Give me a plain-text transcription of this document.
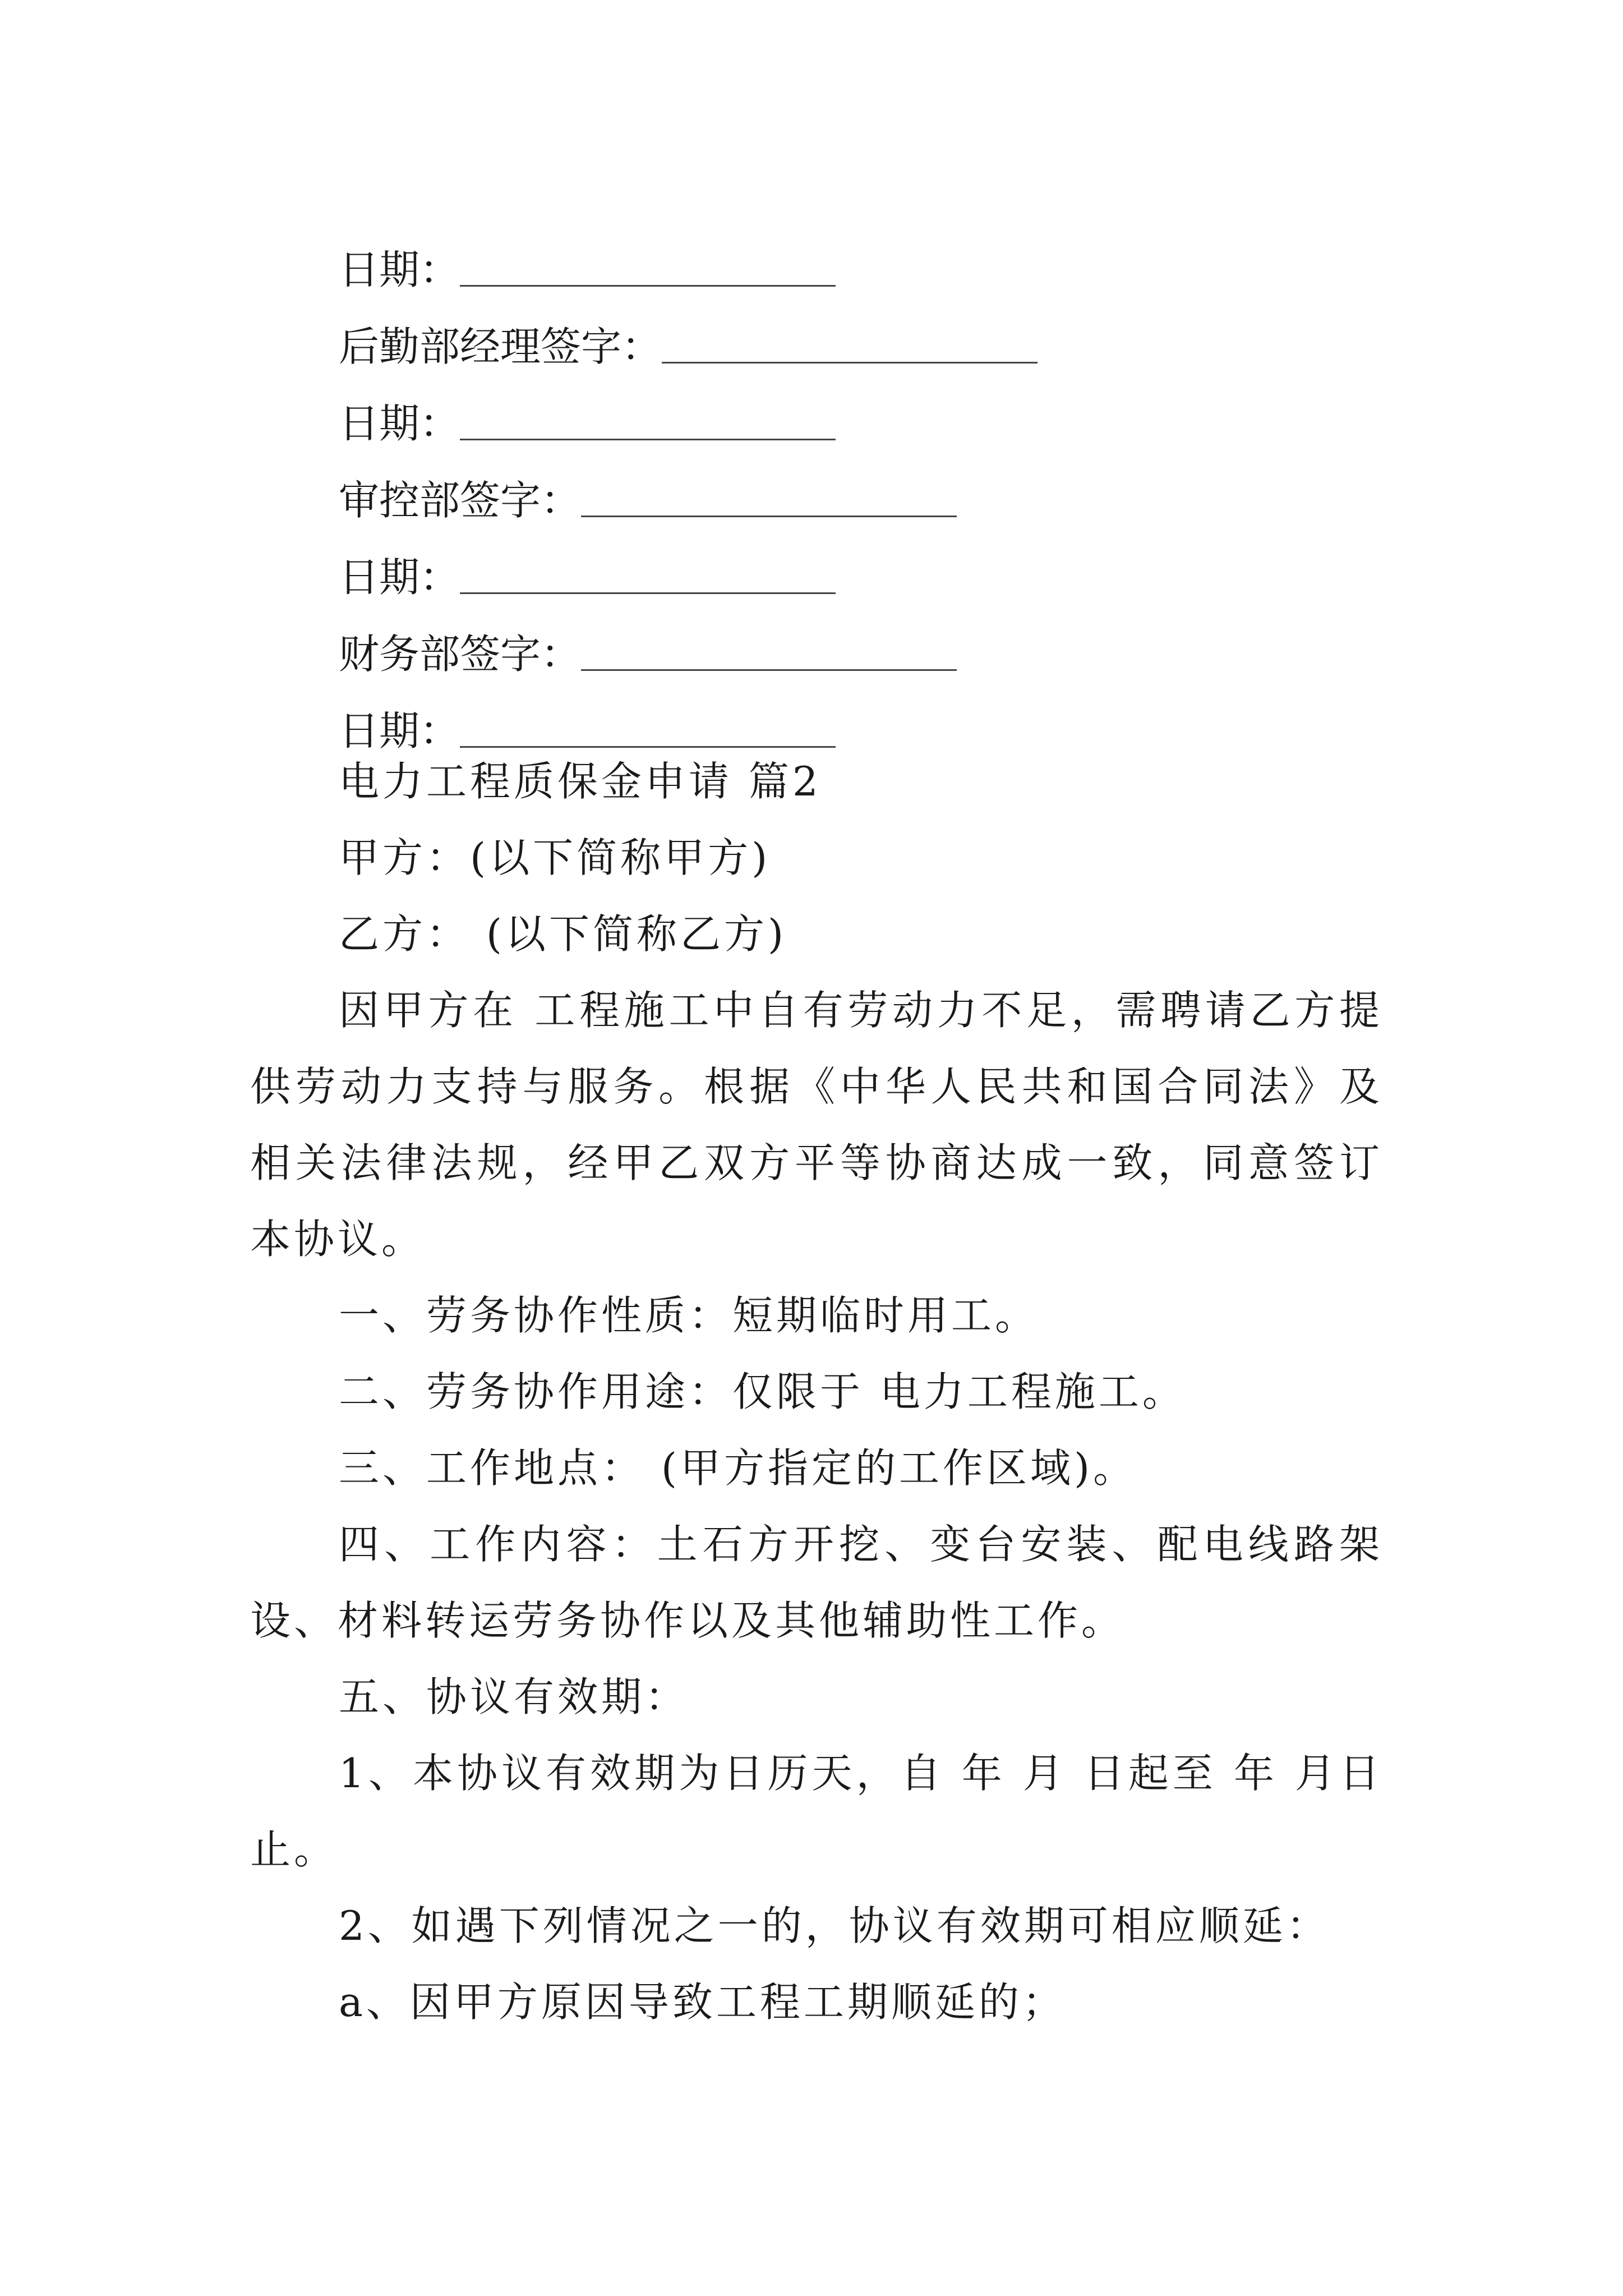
日期：
后勤部经理签字：
日期：
审控部签字：
日期：
财务部签字：
日期：

电力工程质保金申请 篇2

甲方：(以下简称甲方)

乙方： (以下简称乙方)

因甲方在 工程施工中自有劳动力不足，需聘请乙方提供劳动力支持与服务。根据《中华人民共和国合同法》及相关法律法规，经甲乙双方平等协商达成一致，同意签订本协议。

一、劳务协作性质：短期临时用工。

二、劳务协作用途：仅限于 电力工程施工。

三、工作地点： (甲方指定的工作区域)。

四、工作内容：土石方开挖、变台安装、配电线路架设、材料转运劳务协作以及其他辅助性工作。

五、协议有效期：

1、本协议有效期为日历天，自 年 月 日起至 年 月日止。

2、如遇下列情况之一的，协议有效期可相应顺延：

a、因甲方原因导致工程工期顺延的；
